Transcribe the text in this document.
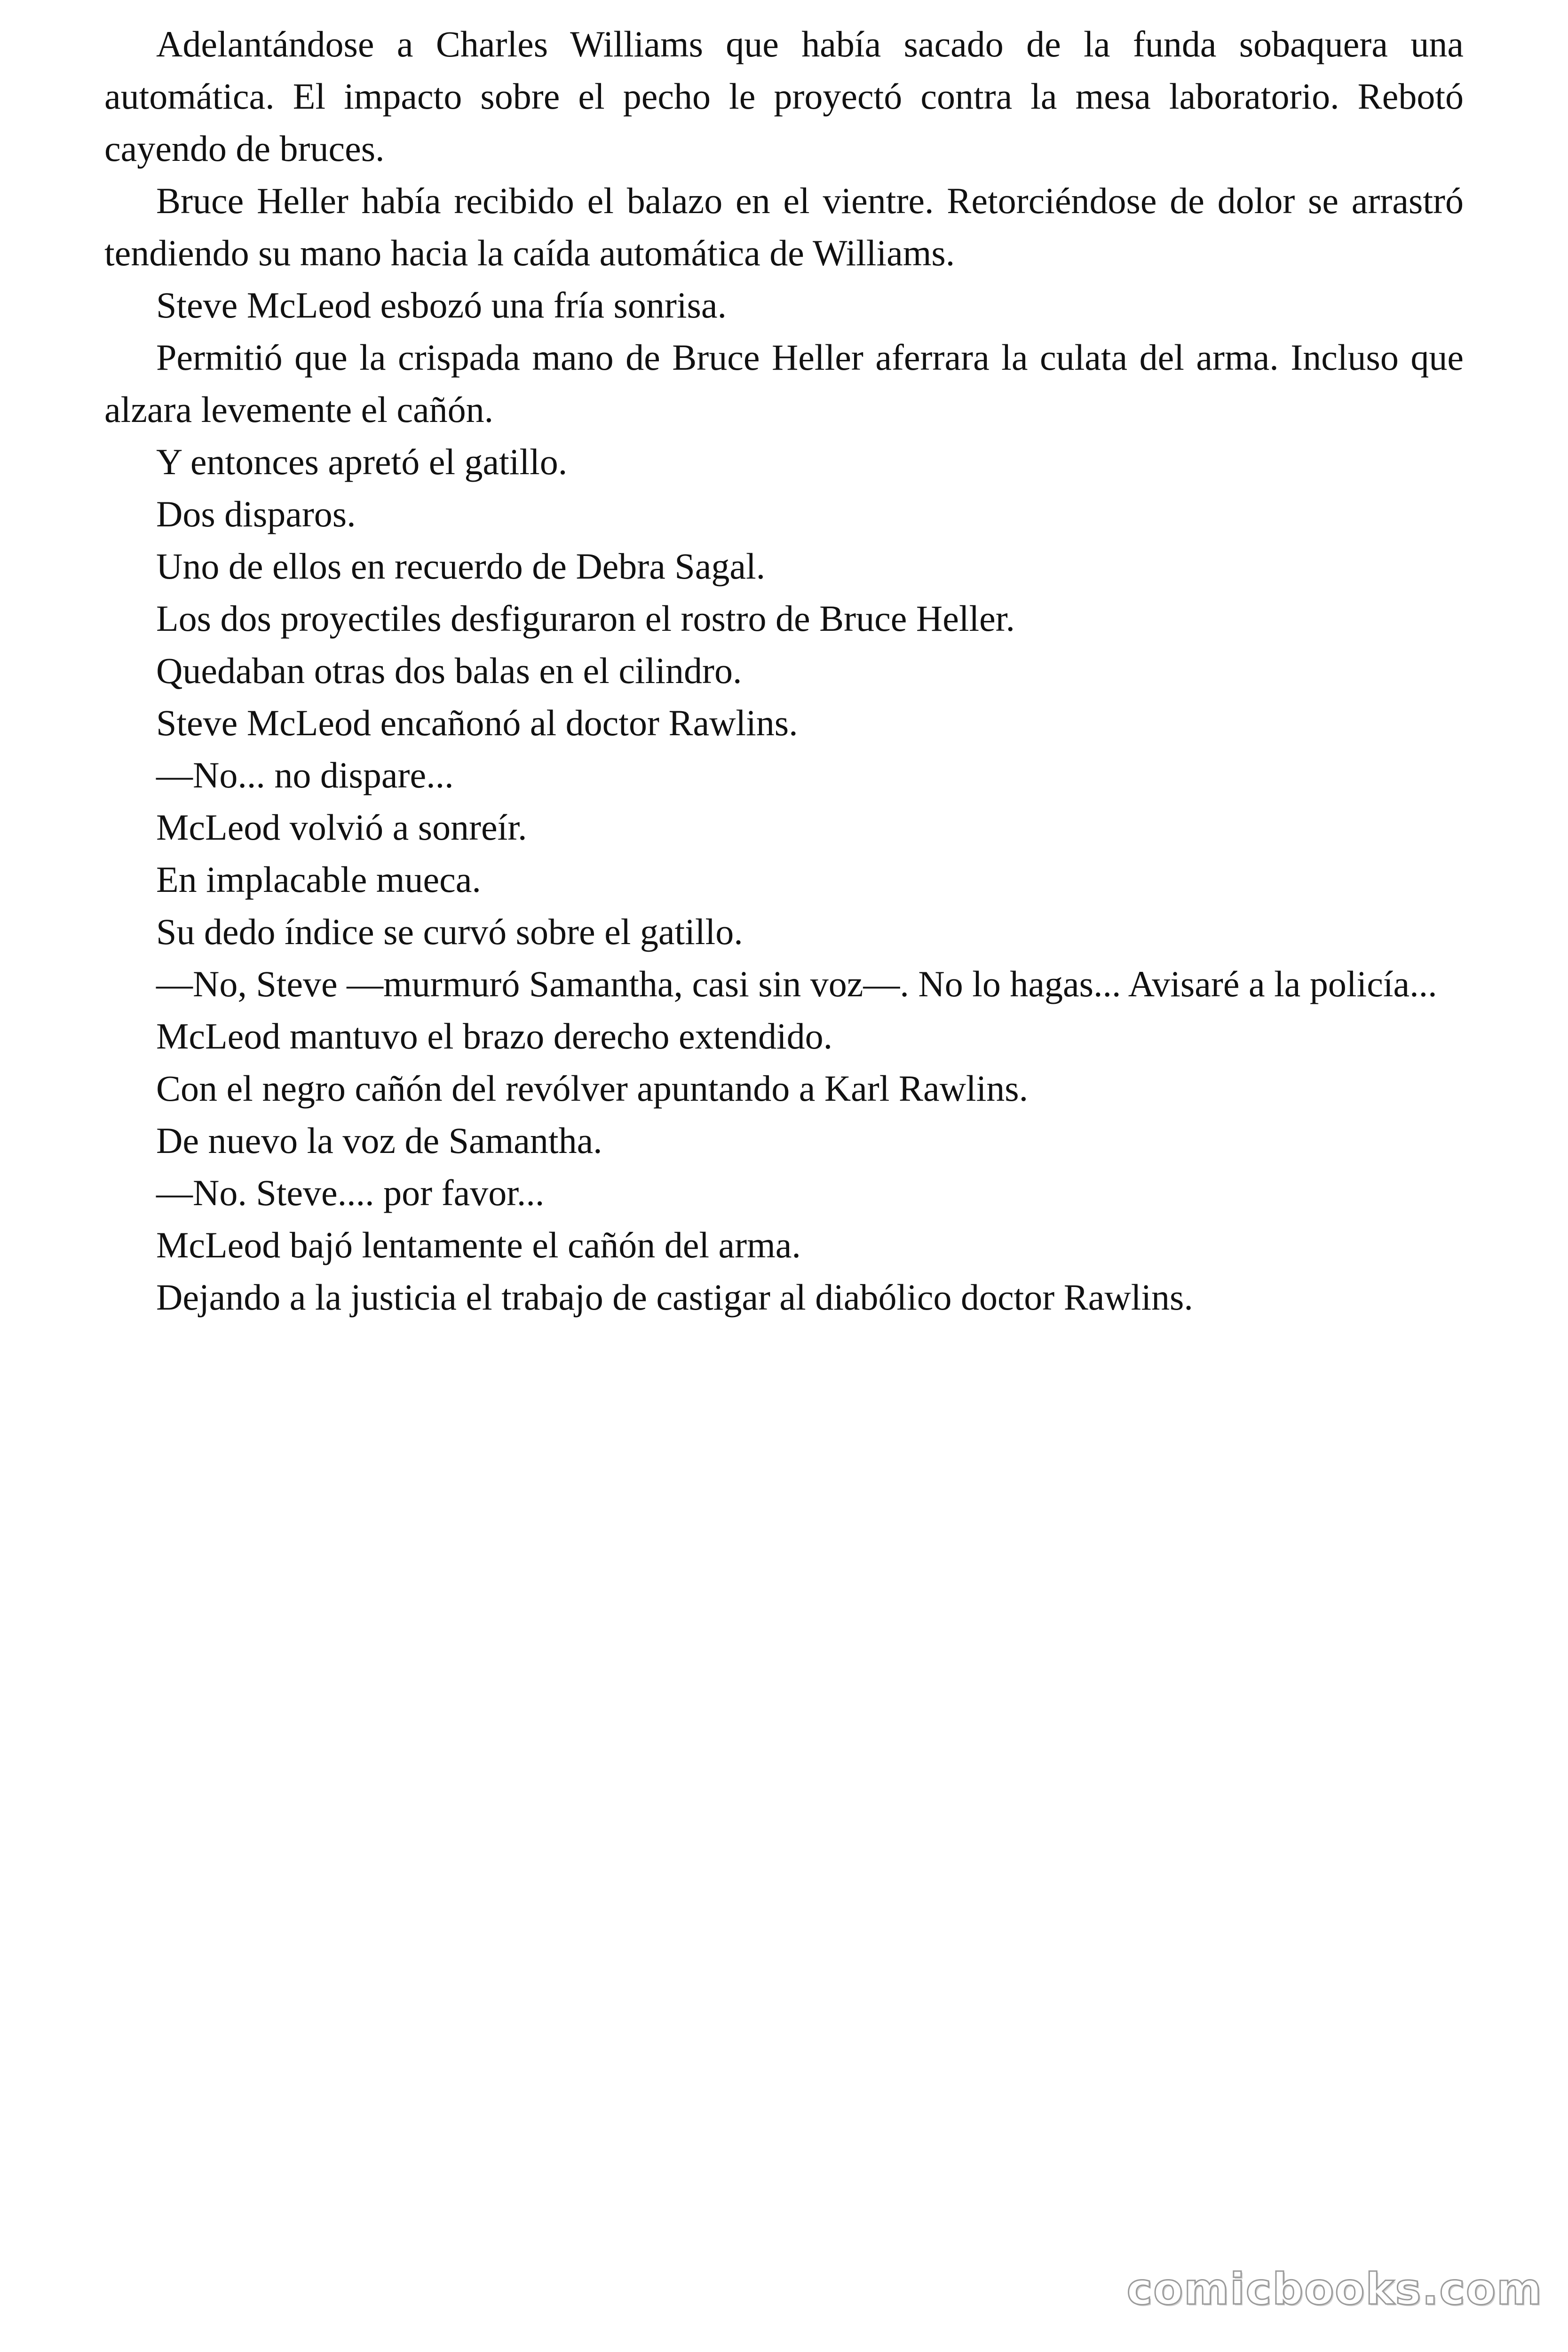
Adelantándose a Charles Williams que había sacado de la funda sobaquera una automática. El impacto sobre el pecho le proyectó contra la mesa laboratorio. Rebotó cayendo de bruces.

Bruce Heller había recibido el balazo en el vientre. Retorciéndose de dolor se arrastró tendiendo su mano hacia la caída automática de Williams.

Steve McLeod esbozó una fría sonrisa.

Permitió que la crispada mano de Bruce Heller aferrara la culata del arma. Incluso que alzara levemente el cañón.

Y entonces apretó el gatillo.

Dos disparos.

Uno de ellos en recuerdo de Debra Sagal.

Los dos proyectiles desfiguraron el rostro de Bruce Heller.

Quedaban otras dos balas en el cilindro.

Steve McLeod encañonó al doctor Rawlins.

—No... no dispare...

McLeod volvió a sonreír.

En implacable mueca.

Su dedo índice se curvó sobre el gatillo.

—No, Steve —murmuró Samantha, casi sin voz—. No lo hagas... Avisaré a la policía...

McLeod mantuvo el brazo derecho extendido.

Con el negro cañón del revólver apuntando a Karl Rawlins.

De nuevo la voz de Samantha.

—No. Steve.... por favor...

McLeod bajó lentamente el cañón del arma.

Dejando a la justicia el trabajo de castigar al diabólico doctor Rawlins.

comicbooks.com
